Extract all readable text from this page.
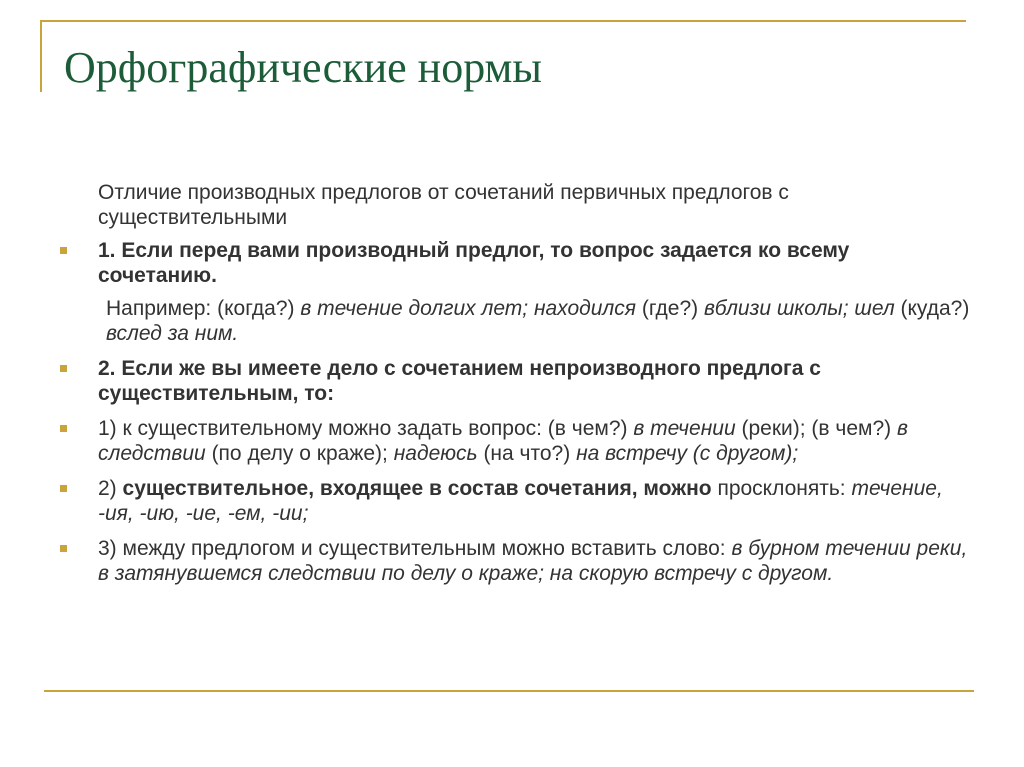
Орфографические нормы
Отличие производных предлогов от сочетаний первичных предлогов с существительными
1. Если перед вами производный предлог, то вопрос задается ко всему сочетанию.
Например: (когда?) в течение долгих лет; находился (где?) вблизи школы; шел (куда?) вслед за ним.
2. Если же вы имеете дело с сочетанием непроизводного предлога с существительным, то:
1) к существительному можно задать вопрос: (в чем?) в течении (реки); (в чем?) в следствии (по делу о краже); надеюсь (на что?) на встречу (с другом);
2) существительное, входящее в состав сочетания, можно просклонять: течение, -ия, -ию, -ие, -ем, -ии;
3) между предлогом и существительным можно вставить слово: в бурном течении реки, в затянувшемся следствии по делу о краже; на скорую встречу с другом.
